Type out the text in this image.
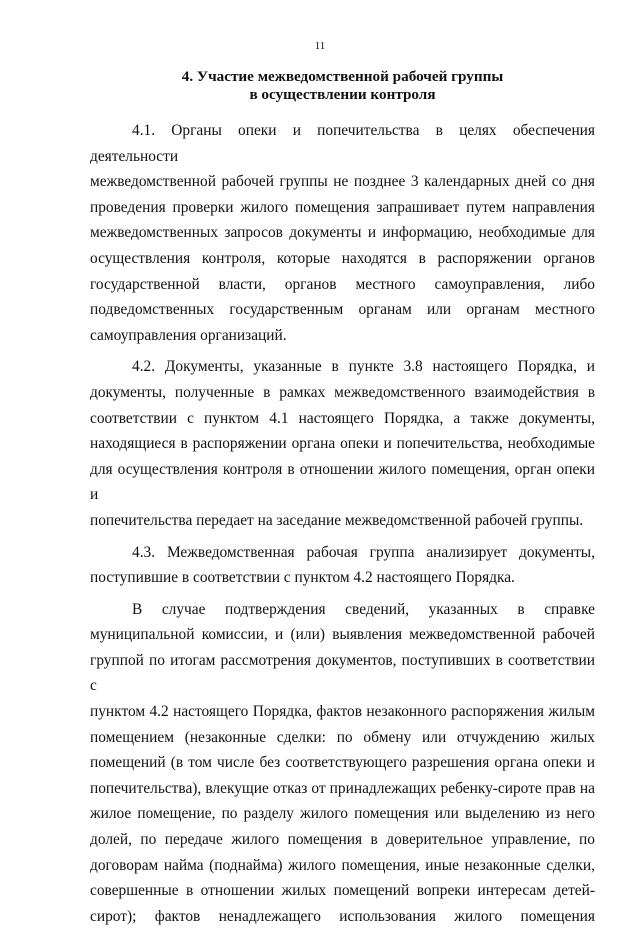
11
4. Участие межведомственной рабочей группы
в осуществлении контроля
4.1. Органы опеки и попечительства в целях обеспечения деятельности
межведомственной рабочей группы не позднее 3 календарных дней со дня
проведения проверки жилого помещения запрашивает путем направления
межведомственных запросов документы и информацию, необходимые для
осуществления контроля, которые находятся в распоряжении органов
государственной власти, органов местного самоуправления, либо
подведомственных государственным органам или органам местного
самоуправления организаций.
4.2. Документы, указанные в пункте 3.8 настоящего Порядка, и
документы, полученные в рамках межведомственного взаимодействия в
соответствии с пунктом 4.1 настоящего Порядка, а также документы,
находящиеся в распоряжении органа опеки и попечительства, необходимые
для осуществления контроля в отношении жилого помещения, орган опеки и
попечительства передает на заседание межведомственной рабочей группы.
4.3. Межведомственная рабочая группа анализирует документы,
поступившие в соответствии с пунктом 4.2 настоящего Порядка.
В случае подтверждения сведений, указанных в справке
муниципальной комиссии, и (или) выявления межведомственной рабочей
группой по итогам рассмотрения документов, поступивших в соответствии с
пунктом 4.2 настоящего Порядка, фактов незаконного распоряжения жилым
помещением (незаконные сделки: по обмену или отчуждению жилых
помещений (в том числе без соответствующего разрешения органа опеки и
попечительства), влекущие отказ от принадлежащих ребенку-сироте прав на
жилое помещение, по разделу жилого помещения или выделению из него
долей, по передаче жилого помещения в доверительное управление, по
договорам найма (поднайма) жилого помещения, иные незаконные сделки,
совершенные в отношении жилых помещений вопреки интересам детей-
сирот); фактов ненадлежащего использования жилого помещения
